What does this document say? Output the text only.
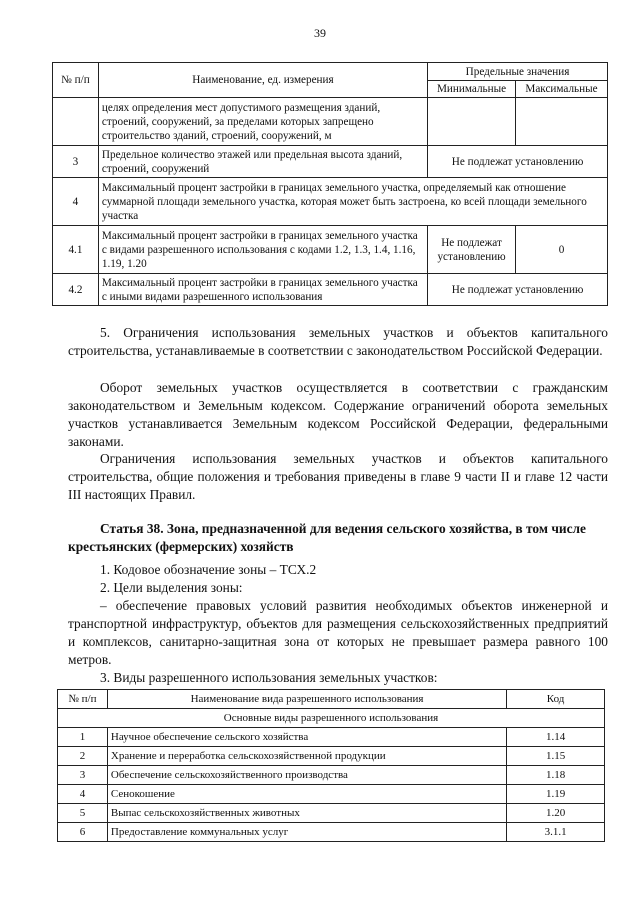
39
№ п/п	Наименование, ед. измерения	Предельные значения	
		Минимальные	Максимальные
	целях определения мест допустимого размещения зданий, строений, сооружений, за пределами которых запрещено строительство зданий, строений, сооружений, м		
3	Предельное количество этажей или предельная высота зданий, строений, сооружений	Не подлежат установлению	
4	Максимальный процент застройки в границах земельного участка, определяемый как отношение суммарной площади земельного участка, которая может быть застроена, ко всей площади земельного участка		
4.1	Максимальный процент застройки в границах земельного участка с видами разрешенного использования с кодами 1.2, 1.3, 1.4, 1.16, 1.19, 1.20	Не подлежат установлению	0
4.2	Максимальный процент застройки в границах земельного участка с иными видами разрешенного использования	Не подлежат установлению	
5. Ограничения использования земельных участков и объектов капитального строительства, устанавливаемые в соответствии с законодательством Российской Федерации.
Оборот земельных участков осуществляется в соответствии с гражданским законодательством и Земельным кодексом. Содержание ограничений оборота земельных участков устанавливается Земельным кодексом Российской Федерации, федеральными законами.
Ограничения использования земельных участков и объектов капитального строительства, общие положения и требования приведены в главе 9 части II и главе 12 части III настоящих Правил.
Статья 38. Зона, предназначенной для ведения сельского хозяйства, в том числе крестьянских (фермерских) хозяйств
1. Кодовое обозначение зоны – ТСХ.2
2. Цели выделения зоны:
– обеспечение правовых условий развития необходимых объектов инженерной и транспортной инфраструктур, объектов для размещения сельскохозяйственных предприятий и комплексов, санитарно-защитная зона от которых не превышает размера равного 100 метров.
3. Виды разрешенного использования земельных участков:
№ п/п	Наименование вида разрешенного использования	Код
Основные виды разрешенного использования		
1	Научное обеспечение сельского хозяйства	1.14
2	Хранение и переработка сельскохозяйственной продукции	1.15
3	Обеспечение сельскохозяйственного производства	1.18
4	Сенокошение	1.19
5	Выпас сельскохозяйственных животных	1.20
6	Предоставление коммунальных услуг	3.1.1
